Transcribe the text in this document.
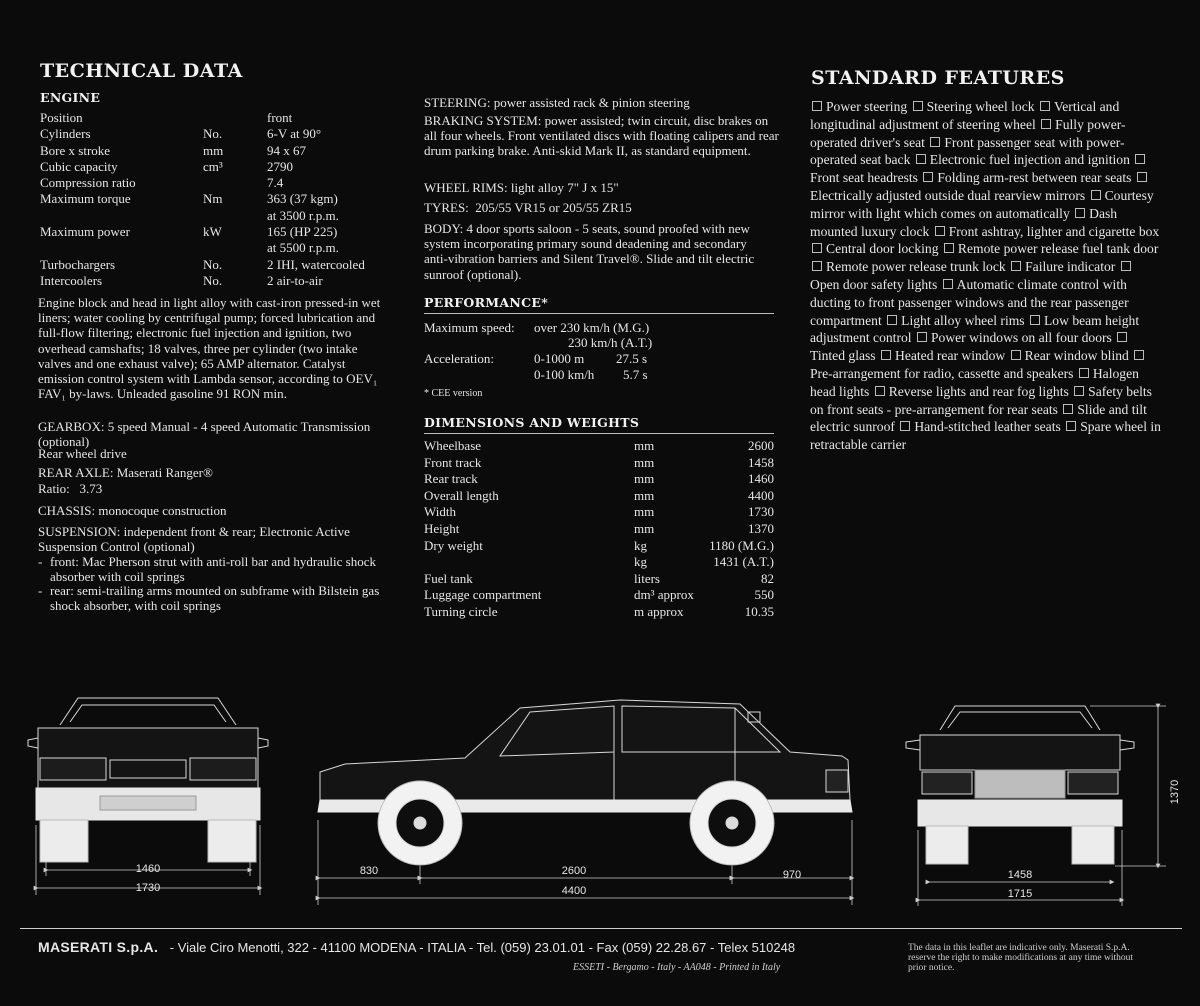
TECHNICAL DATA
ENGINE
Position		front
Cylinders	No.	6-V at 90°
Bore x stroke	mm	94 x 67
Cubic capacity	cm³	2790
Compression ratio		7.4
Maximum torque	Nm	363 (37 kgm)
		at 3500 r.p.m.
Maximum power	kW	165 (HP 225)
		at 5500 r.p.m.
Turbochargers	No.	2 IHI, watercooled
Intercoolers	No.	2 air-to-air
Engine block and head in light alloy with cast-iron pressed-in wet liners; water cooling by centrifugal pump; forced lubrication and full-flow filtering; electronic fuel injection and ignition, two overhead camshafts; 18 valves, three per cylinder (two intake valves and one exhaust valve); 65 AMP alternator. Catalyst emission control system with Lambda sensor, according to OEV₁ FAV₁ by-laws. Unleaded gasoline 91 RON min.
GEARBOX: 5 speed Manual - 4 speed Automatic Transmission (optional)
Rear wheel drive
REAR AXLE: Maserati Ranger®
Ratio:   3.73
CHASSIS: monocoque construction
SUSPENSION: independent front & rear; Electronic Active Suspension Control (optional)
- front: Mac Pherson strut with anti-roll bar and hydraulic shock absorber with coil springs
- rear: semi-trailing arms mounted on subframe with Bilstein gas shock absorber, with coil springs
STEERING: power assisted rack & pinion steering
BRAKING SYSTEM: power assisted; twin circuit, disc brakes on all four wheels. Front ventilated discs with floating calipers and rear drum parking brake. Anti-skid Mark II, as standard equipment.
WHEEL RIMS: light alloy 7" J x 15"
TYRES:  205/55 VR15 or 205/55 ZR15
BODY: 4 door sports saloon - 5 seats, sound proofed with new system incorporating primary sound deadening and secondary anti-vibration barriers and Silent Travel®. Slide and tilt electric sunroof (optional).
PERFORMANCE*
Maximum speed: over 230 km/h (M.G.)
230 km/h (A.T.)
Acceleration:	0-1000 m 27.5 s
0-100 km/h 5.7 s
* CEE version
DIMENSIONS AND WEIGHTS
Wheelbase	mm	2600
Front track	mm	1458
Rear track	mm	1460
Overall length	mm	4400
Width	mm	1730
Height	mm	1370
Dry weight	kg	1180 (M.G.)
	kg	1431 (A.T.)

Fuel tank	liters	82
Luggage compartment	dm³ approx	550
Turning circle	m approx	10.35
STANDARD FEATURES
Power steering Steering wheel lock Vertical and longitudinal adjustment of steering wheel Fully power-operated driver's seat Front passenger seat with power-operated seat back Electronic fuel injection and ignition Front seat headrests Folding arm-rest between rear seats Electrically adjusted outside dual rearview mirrors Courtesy mirror with light which comes on automatically Dash mounted luxury clock Front ashtray, lighter and cigarette box Central door locking Remote power release fuel tank door Remote power release trunk lock Failure indicator Open door safety lights Automatic climate control with ducting to front passenger windows and the rear passenger compartment Light alloy wheel rims Low beam height adjustment control Power windows on all four doors Tinted glass Heated rear window Rear window blind Pre-arrangement for radio, cassette and speakers Halogen head lights Reverse lights and rear fog lights Safety belts on front seats - pre-arrangement for rear seats Slide and tilt electric sunroof Hand-stitched leather seats Spare wheel in retractable carrier
1460
1730
830	2600	970
4400
1458
1715
1370
MASERATI S.p.A. - Viale Ciro Menotti, 322 - 41100 MODENA - ITALIA - Tel. (059) 23.01.01 - Fax (059) 22.28.67 - Telex 510248
ESSETI - Bergamo - Italy - AA048 - Printed in Italy
The data in this leaflet are indicative only. Maserati S.p.A.
reserve the right to make modifications at any time without
prior notice.
